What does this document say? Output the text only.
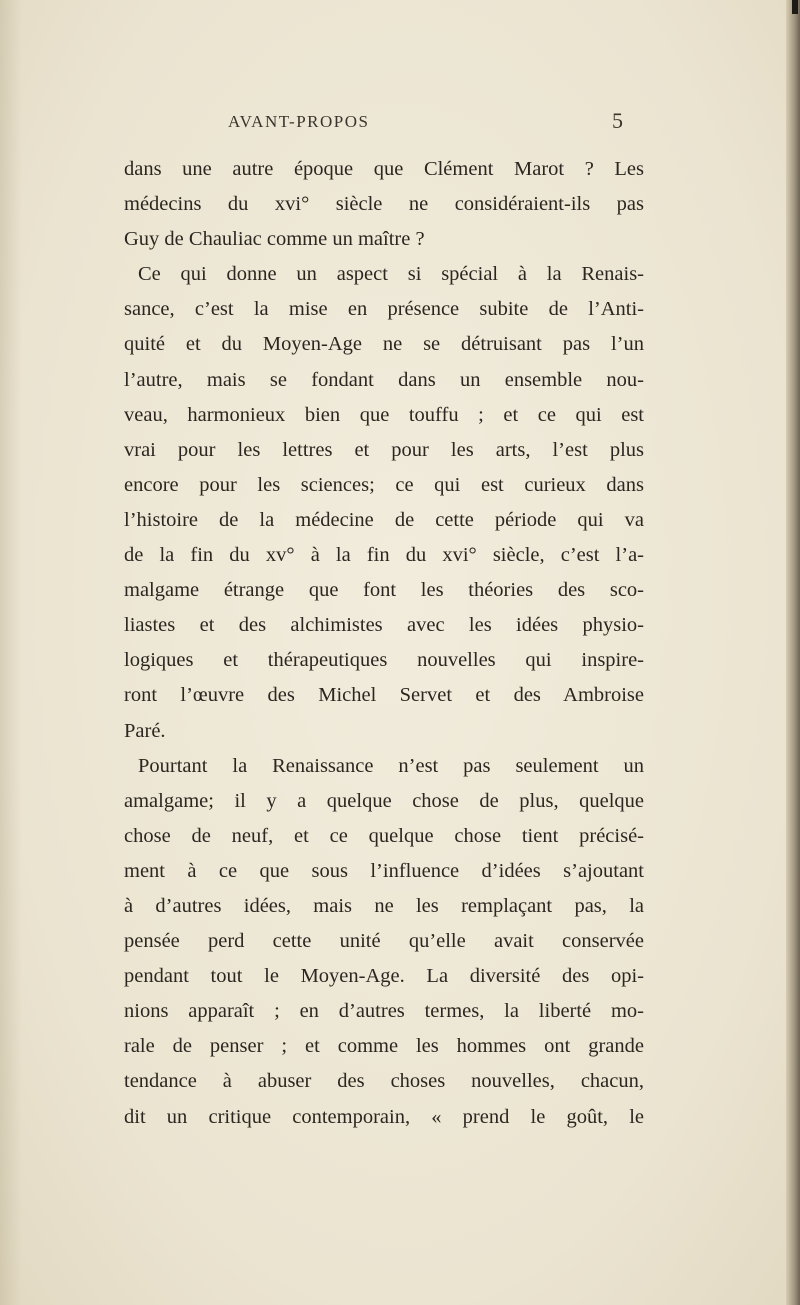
AVANT-PROPOS	5
dans une autre époque que Clément Marot ? Les
médecins du xvi° siècle ne considéraient-ils pas
Guy de Chauliac comme un maître ?
Ce qui donne un aspect si spécial à la Renais-
sance, c’est la mise en présence subite de l’Anti-
quité et du Moyen-Age ne se détruisant pas l’un
l’autre, mais se fondant dans un ensemble nou-
veau, harmonieux bien que touffu ; et ce qui est
vrai pour les lettres et pour les arts, l’est plus
encore pour les sciences; ce qui est curieux dans
l’histoire de la médecine de cette période qui va
de la fin du xv° à la fin du xvi° siècle, c’est l’a-
malgame étrange que font les théories des sco-
liastes et des alchimistes avec les idées physio-
logiques et thérapeutiques nouvelles qui inspire-
ront l’œuvre des Michel Servet et des Ambroise
Paré.
Pourtant la Renaissance n’est pas seulement un
amalgame; il y a quelque chose de plus, quelque
chose de neuf, et ce quelque chose tient précisé-
ment à ce que sous l’influence d’idées s’ajoutant
à d’autres idées, mais ne les remplaçant pas, la
pensée perd cette unité qu’elle avait conservée
pendant tout le Moyen-Age. La diversité des opi-
nions apparaît ; en d’autres termes, la liberté mo-
rale de penser ; et comme les hommes ont grande
tendance à abuser des choses nouvelles, chacun,
dit un critique contemporain, « prend le goût, le
